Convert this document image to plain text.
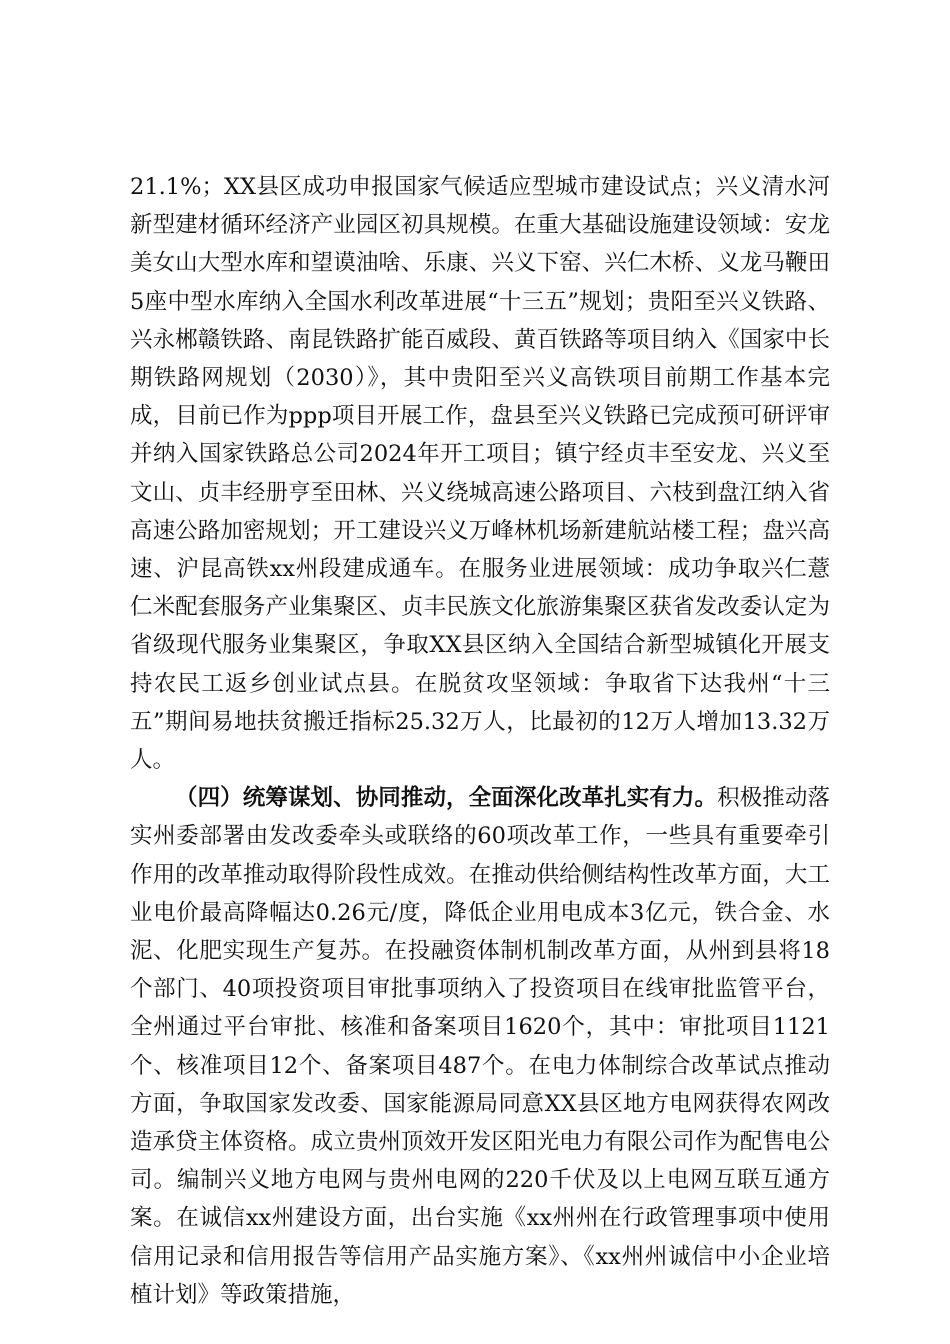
21.1%；XX县区成功申报国家气候适应型城市建设试点；兴义清水河新型建材循环经济产业园区初具规模。在重大基础设施建设领域：安龙美女山大型水库和望谟油啥、乐康、兴义下窑、兴仁木桥、义龙马鞭田5座中型水库纳入全国水利改革进展“十三五”规划；贵阳至兴义铁路、兴永郴赣铁路、南昆铁路扩能百威段、黄百铁路等项目纳入《国家中长期铁路网规划（2030）》，其中贵阳至兴义高铁项目前期工作基本完成，目前已作为ppp项目开展工作，盘县至兴义铁路已完成预可研评审并纳入国家铁路总公司2024年开工项目；镇宁经贞丰至安龙、兴义至文山、贞丰经册亨至田林、兴义绕城高速公路项目、六枝到盘江纳入省高速公路加密规划；开工建设兴义万峰林机场新建航站楼工程；盘兴高速、沪昆高铁xx州段建成通车。在服务业进展领域：成功争取兴仁薏仁米配套服务产业集聚区、贞丰民族文化旅游集聚区获省发改委认定为省级现代服务业集聚区，争取XX县区纳入全国结合新型城镇化开展支持农民工返乡创业试点县。在脱贫攻坚领域：争取省下达我州“十三五”期间易地扶贫搬迁指标25.32万人，比最初的12万人增加13.32万人。

（四）统筹谋划、协同推动，全面深化改革扎实有力。积极推动落实州委部署由发改委牵头或联络的60项改革工作，一些具有重要牵引作用的改革推动取得阶段性成效。在推动供给侧结构性改革方面，大工业电价最高降幅达0.26元/度，降低企业用电成本3亿元，铁合金、水泥、化肥实现生产复苏。在投融资体制机制改革方面，从州到县将18个部门、40项投资项目审批事项纳入了投资项目在线审批监管平台，全州通过平台审批、核准和备案项目1620个，其中：审批项目1121个、核准项目12个、备案项目487个。在电力体制综合改革试点推动方面，争取国家发改委、国家能源局同意XX县区地方电网获得农网改造承贷主体资格。成立贵州顶效开发区阳光电力有限公司作为配售电公司。编制兴义地方电网与贵州电网的220千伏及以上电网互联互通方案。在诚信xx州建设方面，出台实施《xx州州在行政管理事项中使用信用记录和信用报告等信用产品实施方案》、《xx州州诚信中小企业培植计划》等政策措施，
